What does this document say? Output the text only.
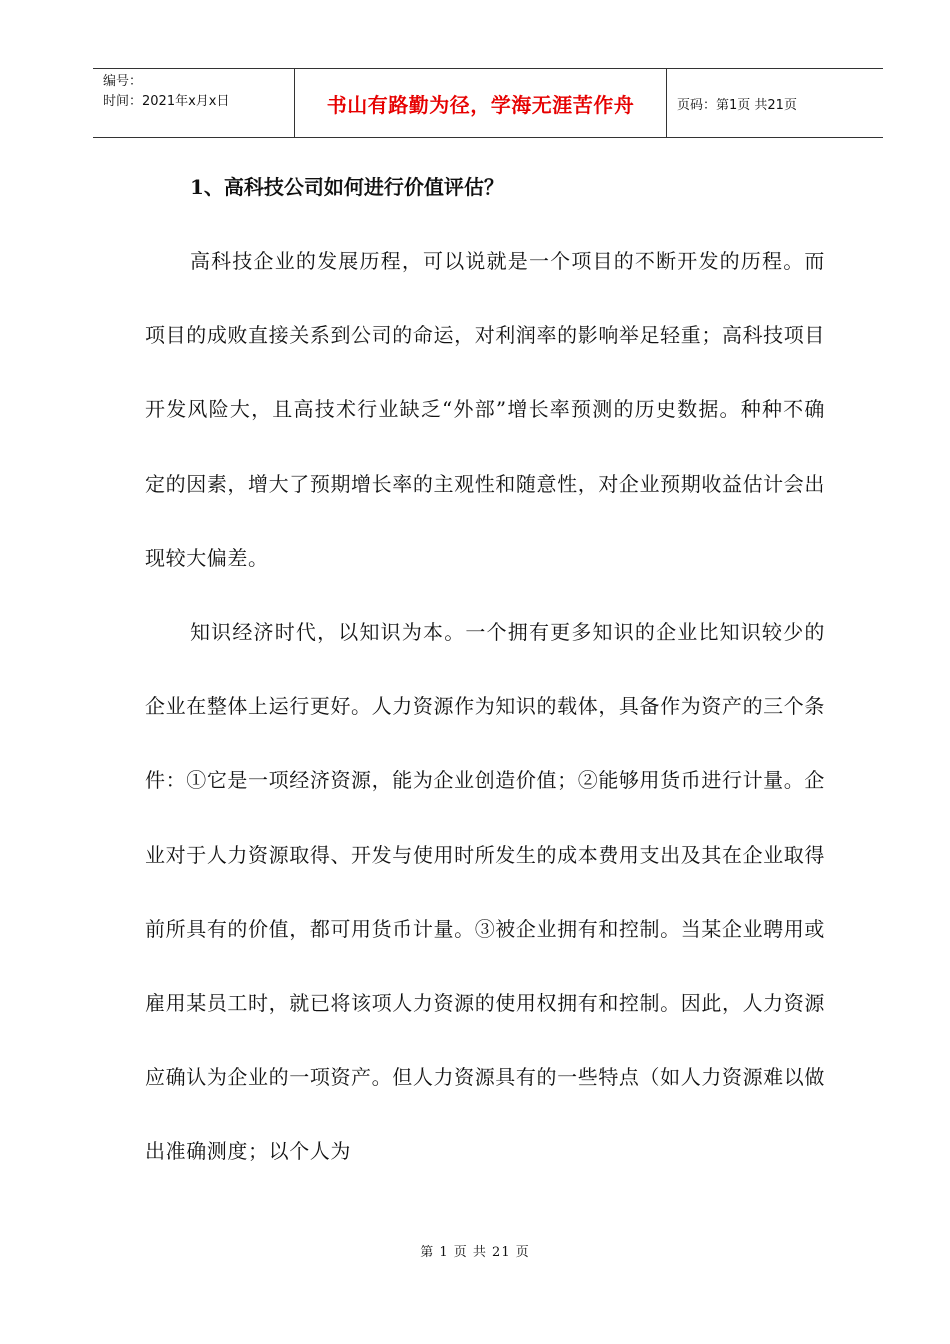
编号：
时间：2021年x月x日	书山有路勤为径，学海无涯苦作舟	页码：第1页 共21页
1、高科技公司如何进行价值评估？

高科技企业的发展历程，可以说就是一个项目的不断开发的历程。而项目的成败直接关系到公司的命运，对利润率的影响举足轻重；高科技项目开发风险大，且高技术行业缺乏“外部”增长率预测的历史数据。种种不确定的因素，增大了预期增长率的主观性和随意性，对企业预期收益估计会出现较大偏差。

知识经济时代，以知识为本。一个拥有更多知识的企业比知识较少的企业在整体上运行更好。人力资源作为知识的载体，具备作为资产的三个条件：①它是一项经济资源，能为企业创造价值；②能够用货币进行计量。企业对于人力资源取得、开发与使用时所发生的成本费用支出及其在企业取得前所具有的价值，都可用货币计量。③被企业拥有和控制。当某企业聘用或雇用某员工时，就已将该项人力资源的使用权拥有和控制。因此，人力资源应确认为企业的一项资产。但人力资源具有的一些特点（如人力资源难以做出准确测度；以个人为

第 1 页 共 21 页
